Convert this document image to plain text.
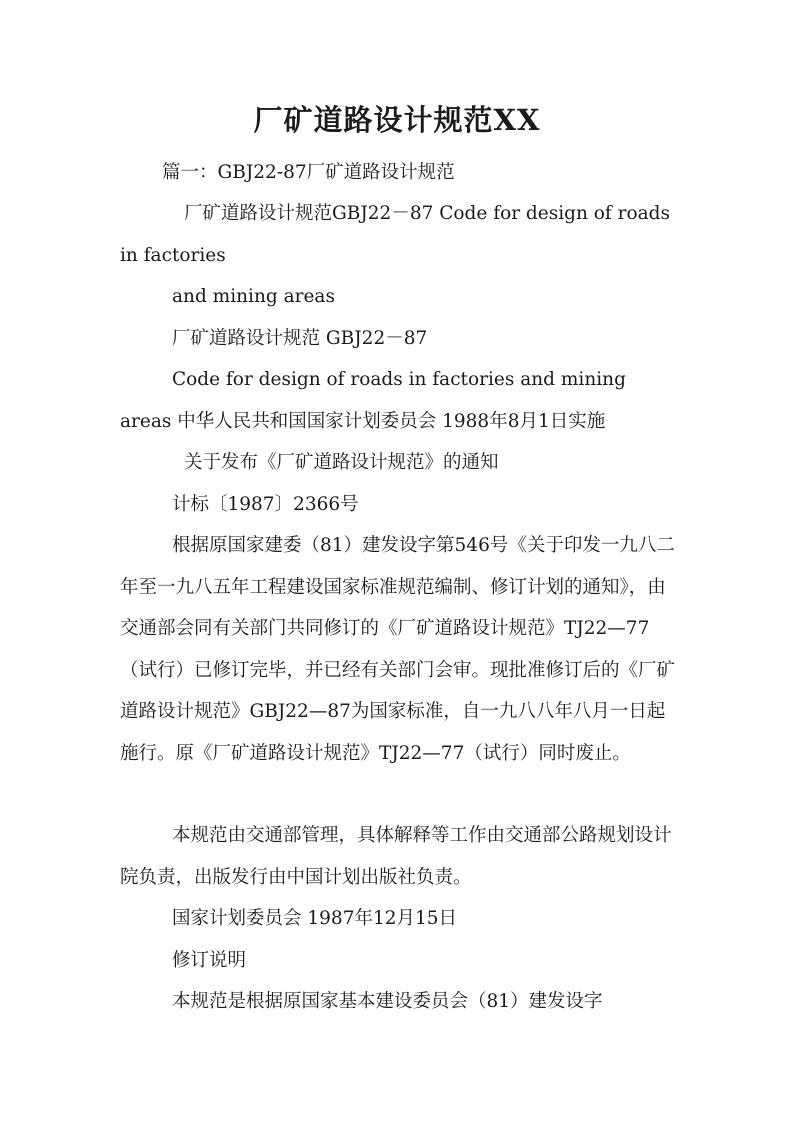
厂矿道路设计规范XX

篇一：GBJ22-87厂矿道路设计规范

厂矿道路设计规范GBJ22－87 Code for design of roads in factories

and mining areas

厂矿道路设计规范 GBJ22－87

Code for design of roads in factories and mining areas 中华人民共和国国家计划委员会 1988年8月1日实施

关于发布《厂矿道路设计规范》的通知

计标〔1987〕2366号

根据原国家建委（81）建发设字第546号《关于印发一九八二年至一九八五年工程建设国家标准规范编制、修订计划的通知》，由交通部会同有关部门共同修订的《厂矿道路设计规范》TJ22—77（试行）已修订完毕，并已经有关部门会审。现批准修订后的《厂矿道路设计规范》GBJ22—87为国家标准，自一九八八年八月一日起施行。原《厂矿道路设计规范》TJ22—77（试行）同时废止。

本规范由交通部管理，具体解释等工作由交通部公路规划设计院负责，出版发行由中国计划出版社负责。

国家计划委员会 1987年12月15日

修订说明

本规范是根据原国家基本建设委员会（81）建发设字
